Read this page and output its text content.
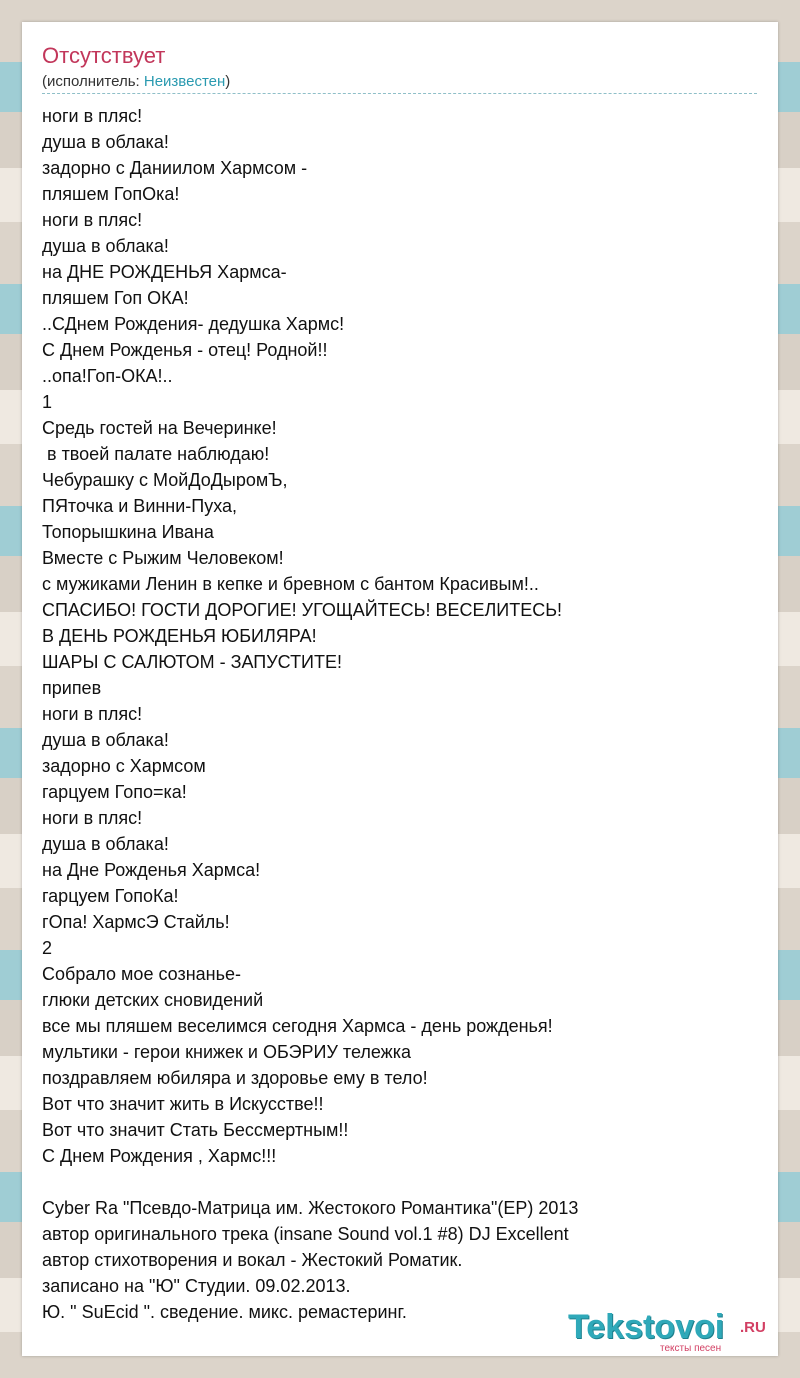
Отсутствует
(исполнитель: Неизвестен)
ноги в пляс!
душа в облака!
задорно с Даниилом Хармсом -
пляшем ГопОка!
ноги в пляс!
душа в облака!
на ДНЕ РОЖДЕНЬЯ Хармса-
пляшем Гоп ОКА!
..СДнем Рождения- дедушка Хармс!
С Днем Рожденья - отец! Родной!!
..опа!Гоп-ОКА!..
1
Средь гостей на Вечеринке!
в твоей палате наблюдаю!
Чебурашку с МойДоДыромЪ,
ПЯточка и Винни-Пуха,
Топорышкина Ивана
Вместе с Рыжим Человеком!
с мужиками Ленин в кепке и бревном с бантом Красивым!..
СПАСИБО! ГОСТИ ДОРОГИЕ! УГОЩАЙТЕСЬ! ВЕСЕЛИТЕСЬ!
В ДЕНЬ РОЖДЕНЬЯ ЮБИЛЯРА!
ШАРЫ С САЛЮТОМ - ЗАПУСТИТЕ!
припев
ноги в пляс!
душа в облака!
задорно с Хармсом
гарцуем Гопо=ка!
ноги в пляс!
душа в облака!
на Дне Рожденья Хармса!
гарцуем ГопоКа!
гОпа! ХармсЭ Стайль!
2
Собрало мое сознанье-
глюки детских сновидений
все мы пляшем веселимся сегодня Хармса - день рожденья!
мультики - герои книжек и ОБЭРИУ тележка
поздравляем юбиляра и здоровье ему в тело!
Вот что значит жить в Искусстве!!
Вот что значит Стать Бессмертным!!
С Днем Рождения , Хармс!!!

Cyber Ra "Псевдо-Матрица им. Жестокого Романтика"(EP) 2013
автор оригинального трека (insane Sound vol.1 #8) DJ Excellent
автор стихотворения и вокал - Жестокий Роматик.
записано на "Ю" Студии. 09.02.2013.
Ю. " SuEcid ". сведение. микс. ремастеринг.	Tekstovoi .RU
тексты песен
